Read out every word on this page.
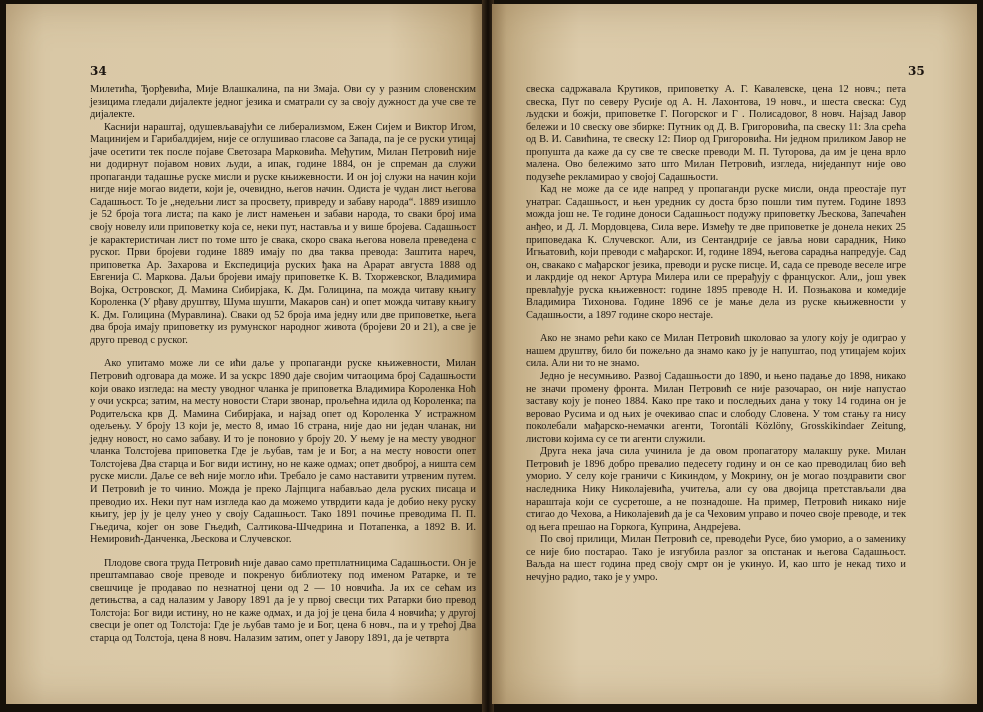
34

Милетића, Ђорђевића, Мије Влашкалина, па ни Змаја. Ови су у разним словенским језицима гледали дијалекте једног језика и сматрали су за своју дужност да уче све те дијалекте.

Каснији нараштај, одушевљавајући се либерализмом, Ежен Сијем и Виктор Игом, Мацинијем и Гарибалдијем, није се оглушивао гласове са Запада, па је се руски утицај јаче осетити тек после појаве Светозара Марковића. Међутим, Милан Петровић није ни додирнут појавом нових људи, а ипак, године 1884, он је спреман да служи пропаганди тадашње руске мисли и руске књижевности. И он јој служи на начин који нигде није могао видети, који је, очевидно, његов начин. Одиста је чудан лист његова Садашњост. То је „недељни лист за просвету, привреду и забаву народа“. 1889 изишло је 52 броја тога листа; па како је лист намењен и забави народа, то сваки број има своју новелу или приповетку која се, неки пут, наставља и у више бројева. Садашњост је карактеристичан лист по томе што је свака, скоро свака његова новела преведена с руског. Први бројеви године 1889 имају по два таква превода: Заштита нареч, приповетка Ар. Захарова и Експедиција руских ђака на Арарат августа 1888 од Евгенија С. Маркова. Даљи бројеви имају приповетке К. В. Тхоржевског, Владимира Војка, Островског, Д. Мамина Сибирјака, К. Дм. Голицина, па можда читаву књигу Короленка (У рђаву друштву, Шума шушти, Макаров сан) и опет можда читаву књигу К. Дм. Голицина (Муравлина). Сваки од 52 броја има једну или две приповетке, њега два броја имају приповетку из румунског народног живота (бројеви 20 и 21), а све је друго превод с руског.

Ако упитамо може ли се ићи даље у пропаганди руске књижевности, Милан Петровић одговара да може. И за ускрс 1890 даје својим читаоцима број Садашњости који овако изгледа: на месту уводног чланка је приповетка Владимира Короленка Ноћ у очи ускрса; затим, на месту новости Стари звонар, прољећна идила од Короленка; па Родитељска крв Д. Мамина Сибирјака, и најзад опет од Короленка У истражном одељењу. У броју 13 који је, место 8, имао 16 страна, није дао ни један чланак, ни једну новост, но само забаву. И то је поновио у броју 20. У њему је на месту уводног чланка Толстојева приповетка Где је љубав, там је и Бог, а на месту новости опет Толстојева Два старца и Бог види истину, но не каже одмах; опет двоброј, а ништа сем руске мисли. Даље се већ није могло ићи. Требало је само наставити утрвеним путем. И Петровић је то чинио. Можда је преко Лајпцига набављао дела руских писаца и преводио их. Неки пут нам изгледа као да можемо утврдити када је добио неку руску књигу, јер ју је целу унео у своју Садашњост. Тако 1891 почиње преводима П. П. Гњедича, којег он зове Гњедић, Салтикова-Шчедрина и Потапенка, а 1892 В. И. Немировић-Данченка, Љескова и Случевског.

Плодове свога труда Петровић није давао само претплатницима Садашњости. Он је прештампавао своје преводе и покренуо библиотеку под именом Ратарке, и те свешчице је продавао по незнатној цени од 2 — 10 новчића. Ја их се сећам из детињства, а сад налазим у Јавору 1891 да је у првој свесци тих Ратарки био превод Толстоја: Бог види истину, но не каже одмах, и да јој је цена била 4 новчића; у другој свесци је опет од Толстоја: Где је љубав тамо је и Бог, цена 6 новч., па и у трећој Два старца од Толстоја, цена 8 новч. Налазим затим, опет у Јавору 1891, да је четврта

35

свеска садржавала Крутиков, приповетку А. Г. Кавалевске, цена 12 новч.; пета свеска, Пут по северу Русије од А. Н. Лахонтова, 19 новч., и шеста свеска: Суд људски и божји, приповетке Г. Погорског и Г . Полисадовог, 8 новч. Најзад Јавор бележи и 10 свеску ове збирке: Путник од Д. В. Григоровића, па свеску 11: Зла срећа од В. И. Савићина, те свеску 12: Пиор од Григоровића. Ни једном приликом Јавор не пропушта да каже да су све те свеске преводи М. П. Туторова, да им је цена врло малена. Ово бележимо зато што Милан Петровић, изгледа, ниједанпут није ово подузеће рекламирао у својој Садашњости.

Кад не може да се иде напред у пропаганди руске мисли, онда преостаје пут унатраг. Садашњост, и њен уредник су доста брзо пошли тим путем. Године 1893 можда још не. Те године доноси Садашњост подужу приповетку Љескова, Запечаћен анђео, и Д. Л. Мордовцева, Сила вере. Између те две приповетке је донела неких 25 приповедака К. Случевског. Али, из Сентандрије се јавља нови сарадник, Нико Игњатовић, који преводи с мађарског. И, године 1894, његова сарадња напредује. Сад он, свакако с мађарског језика, преводи и руске писце. И, сада се преводе веселе игре и лакрдије од неког Артура Милера или се прерађују с француског. Али,, још увек превлађује руска књижевност: године 1895 преводе Н. И. Позњакова и комедије Владимира Тихонова. Године 1896 се је мање дела из руске књижевности у Садашњости, а 1897 године скоро нестаје.

Ако не знамо рећи како се Милан Петровић школовао за улогу коју је одиграо у нашем друштву, било би пожељно да знамо како ју је напуштао, под утицајем којих сила. Али ни то не знамо.

Једно је несумњиво. Развој Садашњости до 1890, и њено падање до 1898, никако не значи промену фронта. Милан Петровић се није разочарао, он није напустао заставу коју је понео 1884. Како пре тако и последњих дана у току 14 година он је веровао Русима и од њих је очекивао спас и слободу Словена. У том стању га нису поколебали мађарско-немачки агенти, Torontáli Közlöny, Grosskikindaer Zeitung, листови којима су се ти агенти служили.

Друга нека јача сила учинила је да овом пропагатору малакшу руке. Милан Петровић је 1896 добро превалио педесету годину и он се као преводилац био већ уморио. У селу које граничи с Кикиндом, у Мокрину, он је могао поздравити свог наследника Нику Николајевића, учитеља, али су ова двојица претстављали два нараштаја који се сусретоше, а не познадоше. На пример, Петровић никако није стигао до Чехова, а Николајевић да је са Чеховим управо и почео своје преводе, и тек од њега прешао на Горкога, Куприна, Андрејева.

По свој прилици, Милан Петровић се, преводећи Русе, био уморио, а о заменику се није био постарао. Тако је изгубила разлог за опстанак и његова Садашњост. Ваљда на шест година пред своју смрт он је укинуо. И, као што је некад тихо и нечујно радио, тако је у умро.
